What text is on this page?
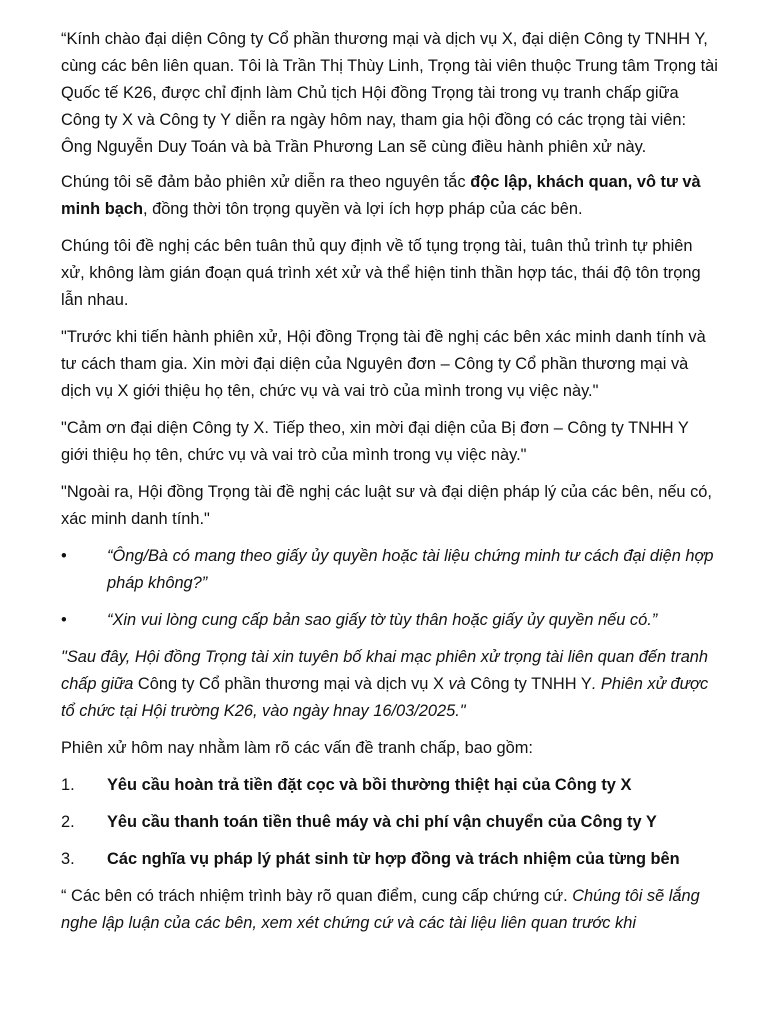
“Kính chào đại diện Công ty Cổ phần thương mại và dịch vụ X, đại diện Công ty TNHH Y, cùng các bên liên quan. Tôi là Trần Thị Thùy Linh, Trọng tài viên thuộc Trung tâm Trọng tài Quốc tế K26, được chỉ định làm Chủ tịch Hội đồng Trọng tài trong vụ tranh chấp giữa Công ty X và Công ty Y diễn ra ngày hôm nay, tham gia hội đồng có các trọng tài viên: Ông Nguyễn Duy Toán và bà Trần Phương Lan sẽ cùng điều hành phiên xử này.

Chúng tôi sẽ đảm bảo phiên xử diễn ra theo nguyên tắc độc lập, khách quan, vô tư và minh bạch, đồng thời tôn trọng quyền và lợi ích hợp pháp của các bên.

Chúng tôi đề nghị các bên tuân thủ quy định về tố tụng trọng tài, tuân thủ trình tự phiên xử, không làm gián đoạn quá trình xét xử và thể hiện tinh thần hợp tác, thái độ tôn trọng lẫn nhau.

"Trước khi tiến hành phiên xử, Hội đồng Trọng tài đề nghị các bên xác minh danh tính và tư cách tham gia. Xin mời đại diện của Nguyên đơn – Công ty Cổ phần thương mại và dịch vụ X giới thiệu họ tên, chức vụ và vai trò của mình trong vụ việc này."

"Cảm ơn đại diện Công ty X. Tiếp theo, xin mời đại diện của Bị đơn – Công ty TNHH Y giới thiệu họ tên, chức vụ và vai trò của mình trong vụ việc này."

"Ngoài ra, Hội đồng Trọng tài đề nghị các luật sư và đại diện pháp lý của các bên, nếu có, xác minh danh tính."

• “Ông/Bà có mang theo giấy ủy quyền hoặc tài liệu chứng minh tư cách đại diện hợp pháp không?”
• “Xin vui lòng cung cấp bản sao giấy tờ tùy thân hoặc giấy ủy quyền nếu có.”

"Sau đây, Hội đồng Trọng tài xin tuyên bố khai mạc phiên xử trọng tài liên quan đến tranh chấp giữa Công ty Cổ phần thương mại và dịch vụ X và Công ty TNHH Y. Phiên xử được tổ chức tại Hội trường K26, vào ngày hnay 16/03/2025."

Phiên xử hôm nay nhằm làm rõ các vấn đề tranh chấp, bao gồm:

1. Yêu cầu hoàn trả tiền đặt cọc và bồi thường thiệt hại của Công ty X
2. Yêu cầu thanh toán tiền thuê máy và chi phí vận chuyển của Công ty Y
3. Các nghĩa vụ pháp lý phát sinh từ hợp đồng và trách nhiệm của từng bên

“ Các bên có trách nhiệm trình bày rõ quan điểm, cung cấp chứng cứ. Chúng tôi sẽ lắng nghe lập luận của các bên, xem xét chứng cứ và các tài liệu liên quan trước khi
